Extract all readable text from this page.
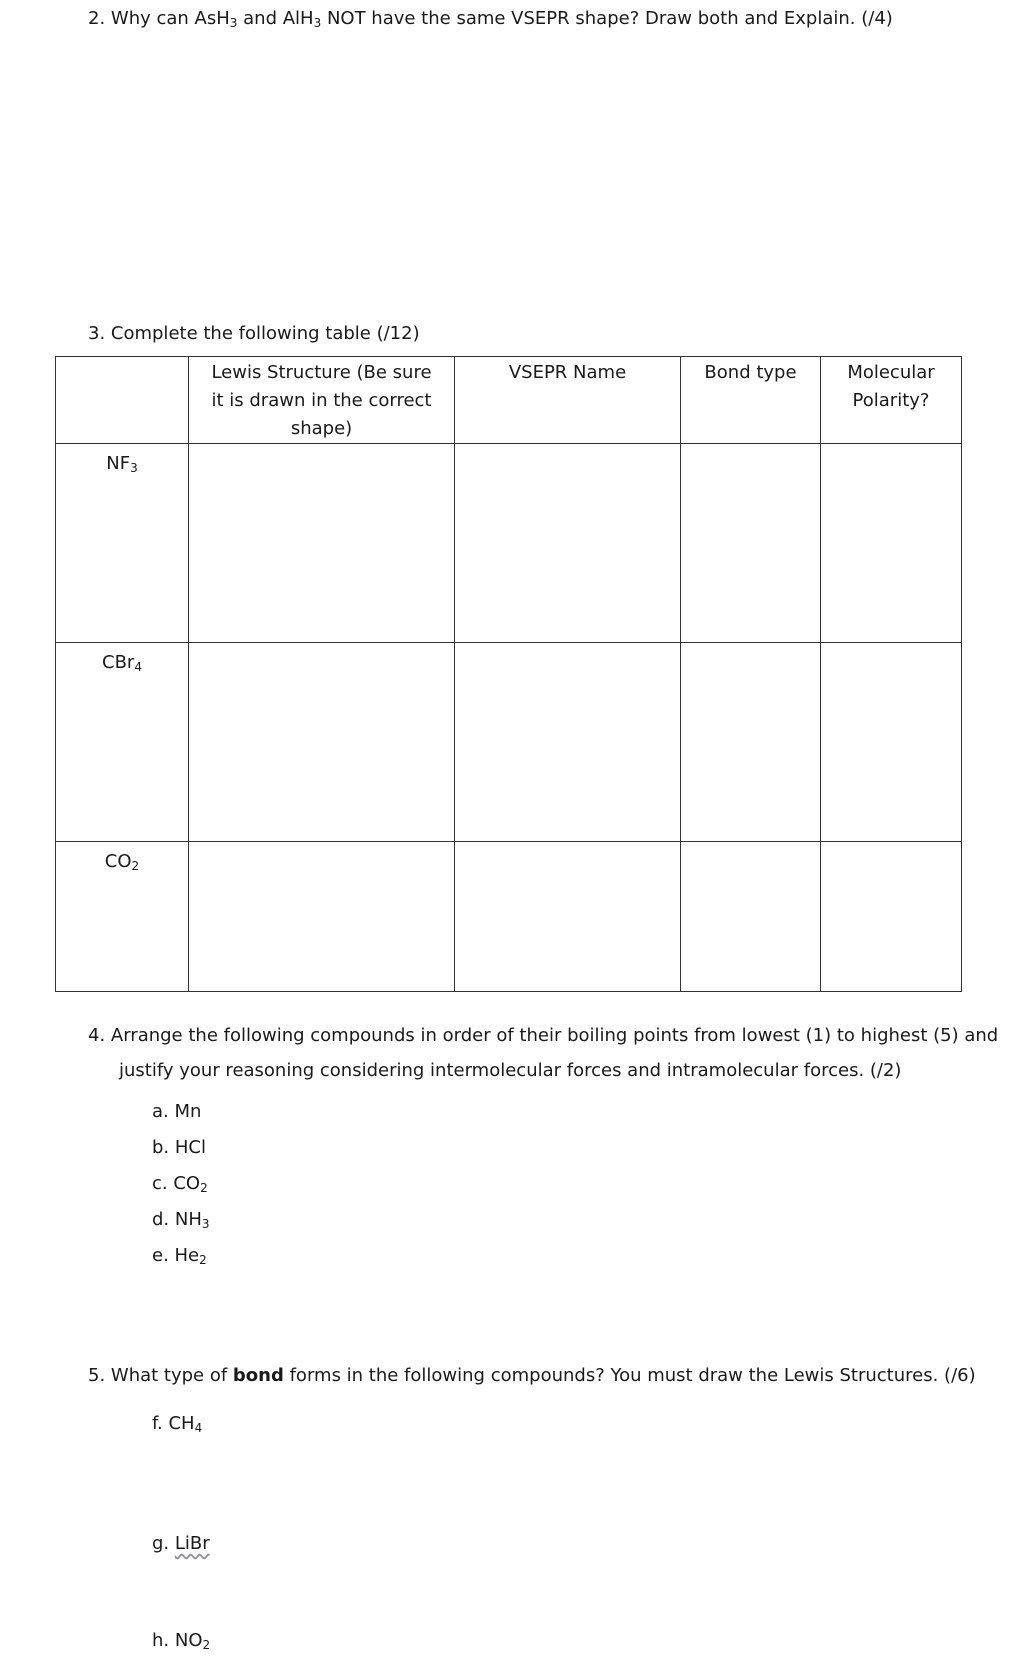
2. Why can AsH$_3$ and AlH$_3$ NOT have the same VSEPR shape? Draw both and Explain. (/4)
3. Complete the following table (/12)

	Lewis Structure (Be sure it is drawn in the correct shape)	VSEPR Name	Bond type	Molecular Polarity?

$NF_3$				
CBr$_4$				
$CO_2$				
4. Arrange the following compounds in order of their boiling points from lowest (1) to highest (5) and
justify your reasoning considering intermolecular forces and intramolecular forces. (/2)
a. Mn
b. HCl
c. $CO_2$
d. $NH_3$
e. $He_2$
5. What type of bond forms in the following compounds? You must draw the Lewis Structures. (/6)
f. $CH_4$
g. LiBr
h. $NO_2$
